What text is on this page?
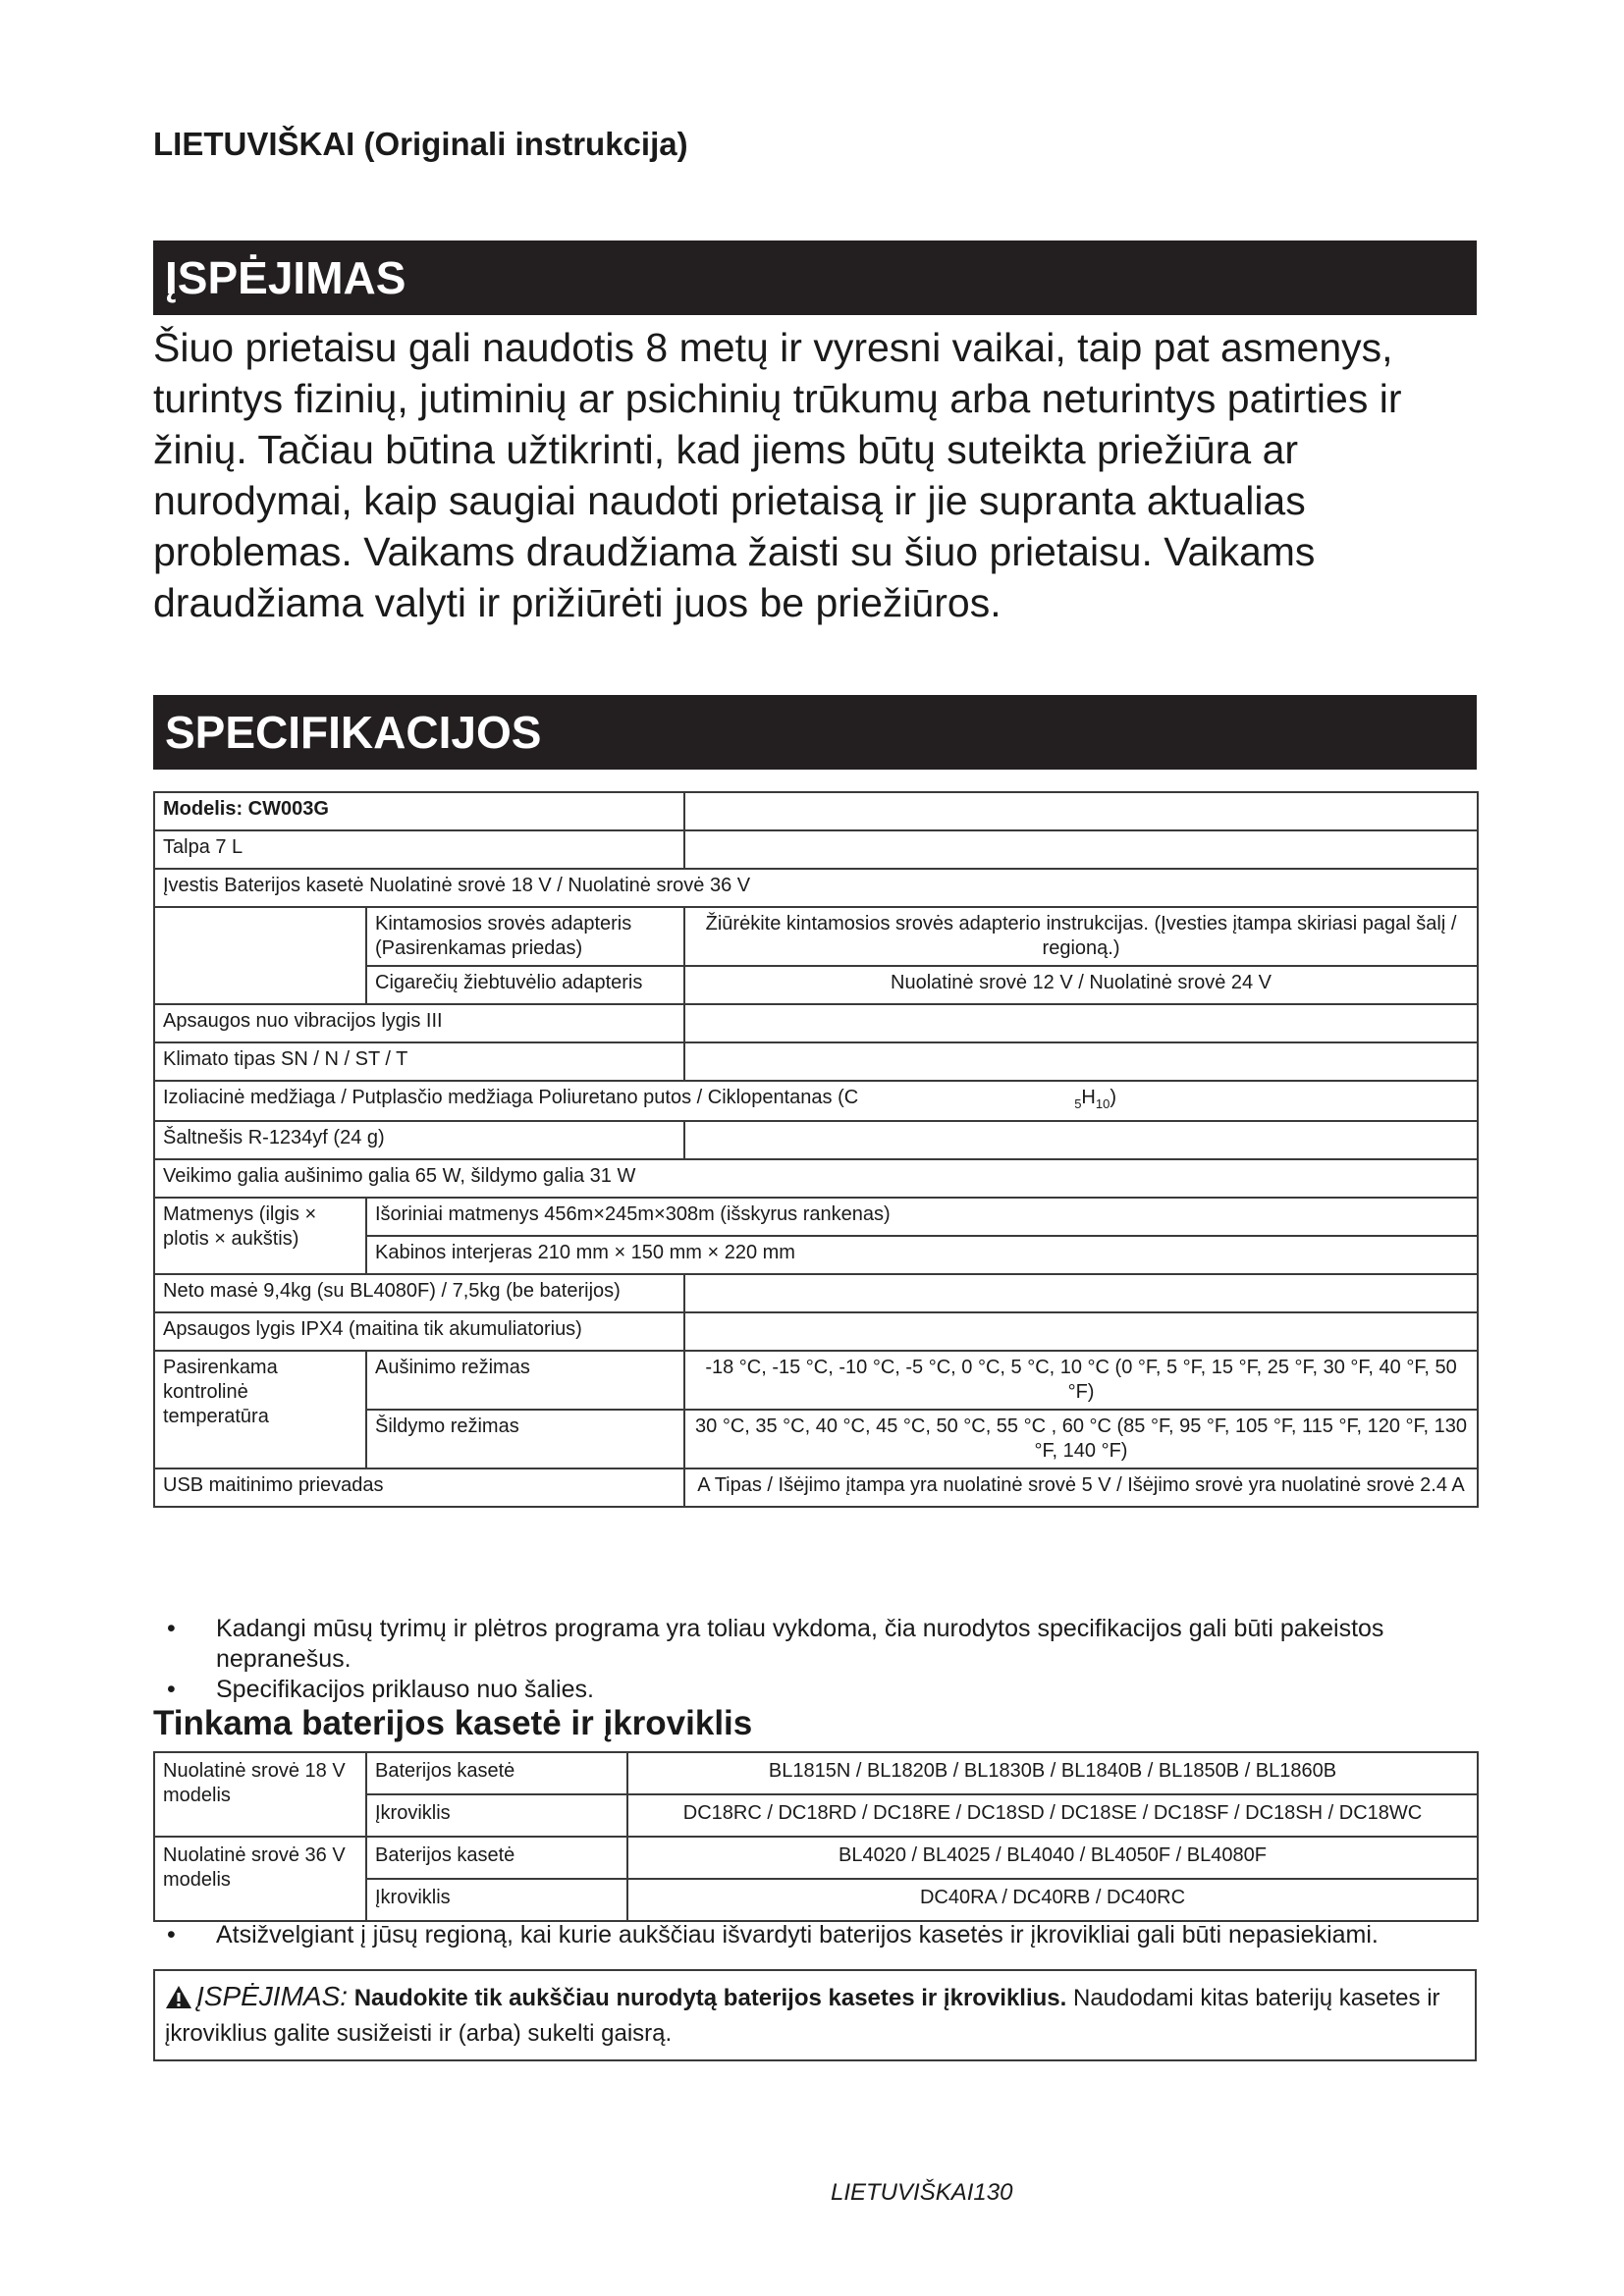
LIETUVIŠKAI (Originali instrukcija)
ĮSPĖJIMAS
Šiuo prietaisu gali naudotis 8 metų ir vyresni vaikai, taip pat asmenys, turintys fizinių, jutiminių ar psichinių trūkumų arba neturintys patirties ir žinių. Tačiau būtina užtikrinti, kad jiems būtų suteikta priežiūra ar nurodymai, kaip saugiai naudoti prietaisą ir jie supranta aktualias problemas. Vaikams draudžiama žaisti su šiuo prietaisu. Vaikams draudžiama valyti ir prižiūrėti juos be priežiūros.
SPECIFIKACIJOS
Modelis: CW003G		
Talpa 7 L		
Įvestis Baterijos kasetė Nuolatinė srovė 18 V / Nuolatinė srovė 36 V		
	Kintamosios srovės adapteris (Pasirenkamas priedas)	Žiūrėkite kintamosios srovės adapterio instrukcijas. (Įvesties įtampa skiriasi pagal šalį / regioną.)
	Cigarečių žiebtuvėlio adapteris	Nuolatinė srovė 12 V / Nuolatinė srovė 24 V
Apsaugos nuo vibracijos lygis III		
Klimato tipas SN / N / ST / T		
Izoliacinė medžiaga / Putplasčio medžiaga Poliuretano putos / Ciklopentanas (C $_5H_{10}$)		
Šaltnešis R-1234yf (24 g)		
Veikimo galia aušinimo galia 65 W, šildymo galia 31 W		
Matmenys (ilgis × plotis × aukštis)	Išoriniai matmenys 456m×245m×308m (išskyrus rankenas)	
	Kabinos interjeras 210 mm × 150 mm × 220 mm	
Neto masė 9,4kg (su BL4080F) / 7,5kg (be baterijos)		
Apsaugos lygis IPX4 (maitina tik akumuliatorius)		
Pasirenkama kontrolinė temperatūra	Aušinimo režimas	-18 °C, -15 °C, -10 °C, -5 °C, 0 °C, 5 °C, 10 °C (0 °F, 5 °F, 15 °F, 25 °F, 30 °F, 40 °F, 50 °F)
	Šildymo režimas	30 °C, 35 °C, 40 °C, 45 °C, 50 °C, 55 °C , 60 °C (85 °F, 95 °F, 105 °F, 115 °F, 120 °F, 130 °F, 140 °F)
USB maitinimo prievadas		A Tipas / Išėjimo įtampa yra nuolatinė srovė 5 V / Išėjimo srovė yra nuolatinė srovė 2.4 A
• Kadangi mūsų tyrimų ir plėtros programa yra toliau vykdoma, čia nurodytos specifikacijos gali būti pakeistos nepranešus.
• Specifikacijos priklauso nuo šalies.
Tinkama baterijos kasetė ir įkroviklis
Nuolatinė srovė 18 V modelis	Baterijos kasetė	BL1815N / BL1820B / BL1830B / BL1840B / BL1850B / BL1860B
	Įkroviklis	DC18RC / DC18RD / DC18RE / DC18SD / DC18SE / DC18SF / DC18SH / DC18WC
Nuolatinė srovė 36 V modelis	Baterijos kasetė	BL4020 / BL4025 / BL4040 / BL4050F / BL4080F
	Įkroviklis	DC40RA / DC40RB / DC40RC
• Atsižvelgiant į jūsų regioną, kai kurie aukščiau išvardyti baterijos kasetės ir įkrovikliai gali būti nepasiekiami.
ĮSPĖJIMAS: Naudokite tik aukščiau nurodytą baterijos kasetes ir įkroviklius. Naudodami kitas baterijų kasetes ir įkroviklius galite susižeisti ir (arba) sukelti gaisrą.
LIETUVIŠKAI130
